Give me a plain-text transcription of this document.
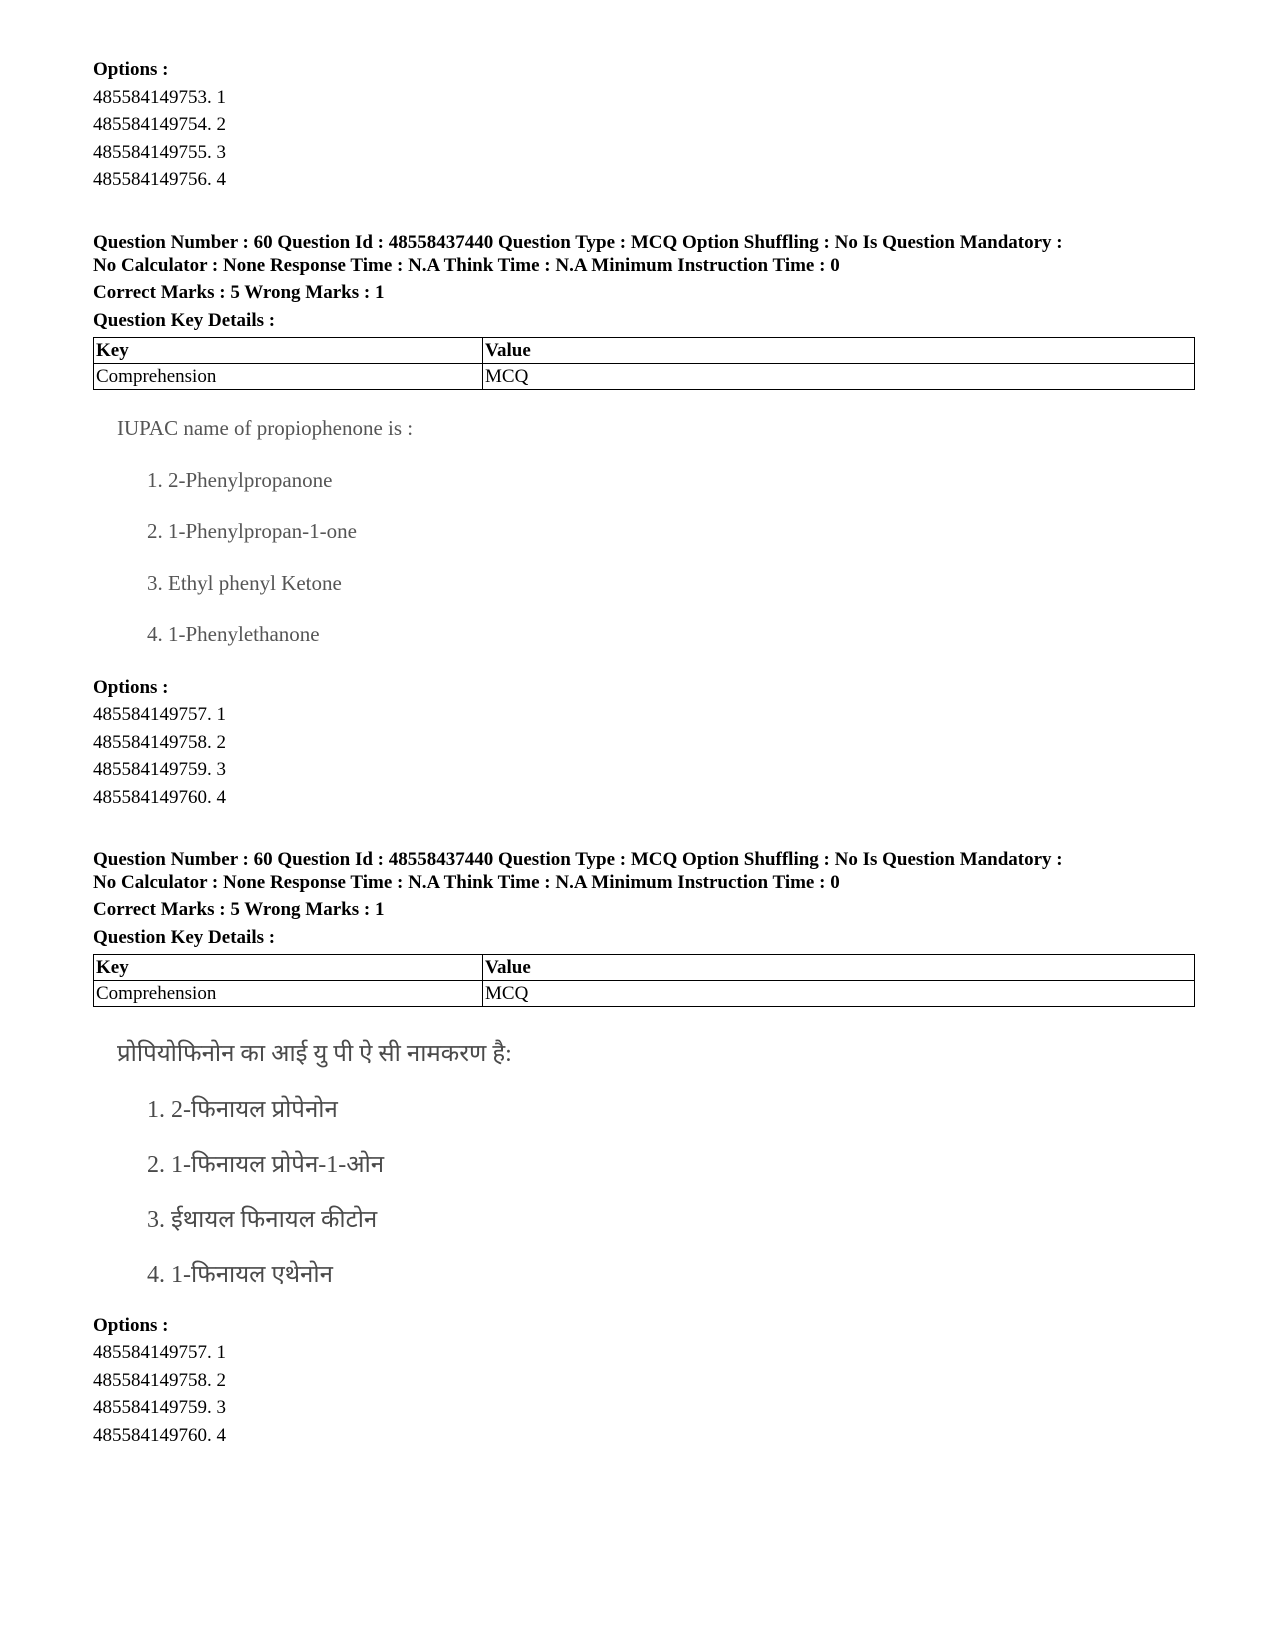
Options :
485584149753. 1
485584149754. 2
485584149755. 3
485584149756. 4
Question Number : 60 Question Id : 48558437440 Question Type : MCQ Option Shuffling : No Is Question Mandatory :
No Calculator : None Response Time : N.A Think Time : N.A Minimum Instruction Time : 0
Correct Marks : 5 Wrong Marks : 1
Question Key Details :
Key	Value
Comprehension	MCQ
IUPAC name of propiophenone is :
1. 2-Phenylpropanone
2. 1-Phenylpropan-1-one
3. Ethyl phenyl Ketone
4. 1-Phenylethanone
Options :
485584149757. 1
485584149758. 2
485584149759. 3
485584149760. 4
Question Number : 60 Question Id : 48558437440 Question Type : MCQ Option Shuffling : No Is Question Mandatory :
No Calculator : None Response Time : N.A Think Time : N.A Minimum Instruction Time : 0
Correct Marks : 5 Wrong Marks : 1
Question Key Details :
Key	Value
Comprehension	MCQ
प्रोपियोफिनोन का आई यु पी ऐ सी नामकरण है:
1. 2-फिनायल प्रोपेनोन
2. 1-फिनायल प्रोपेन-1-ओन
3. ईथायल फिनायल कीटोन
4. 1-फिनायल एथेनोन
Options :
485584149757. 1
485584149758. 2
485584149759. 3
485584149760. 4
